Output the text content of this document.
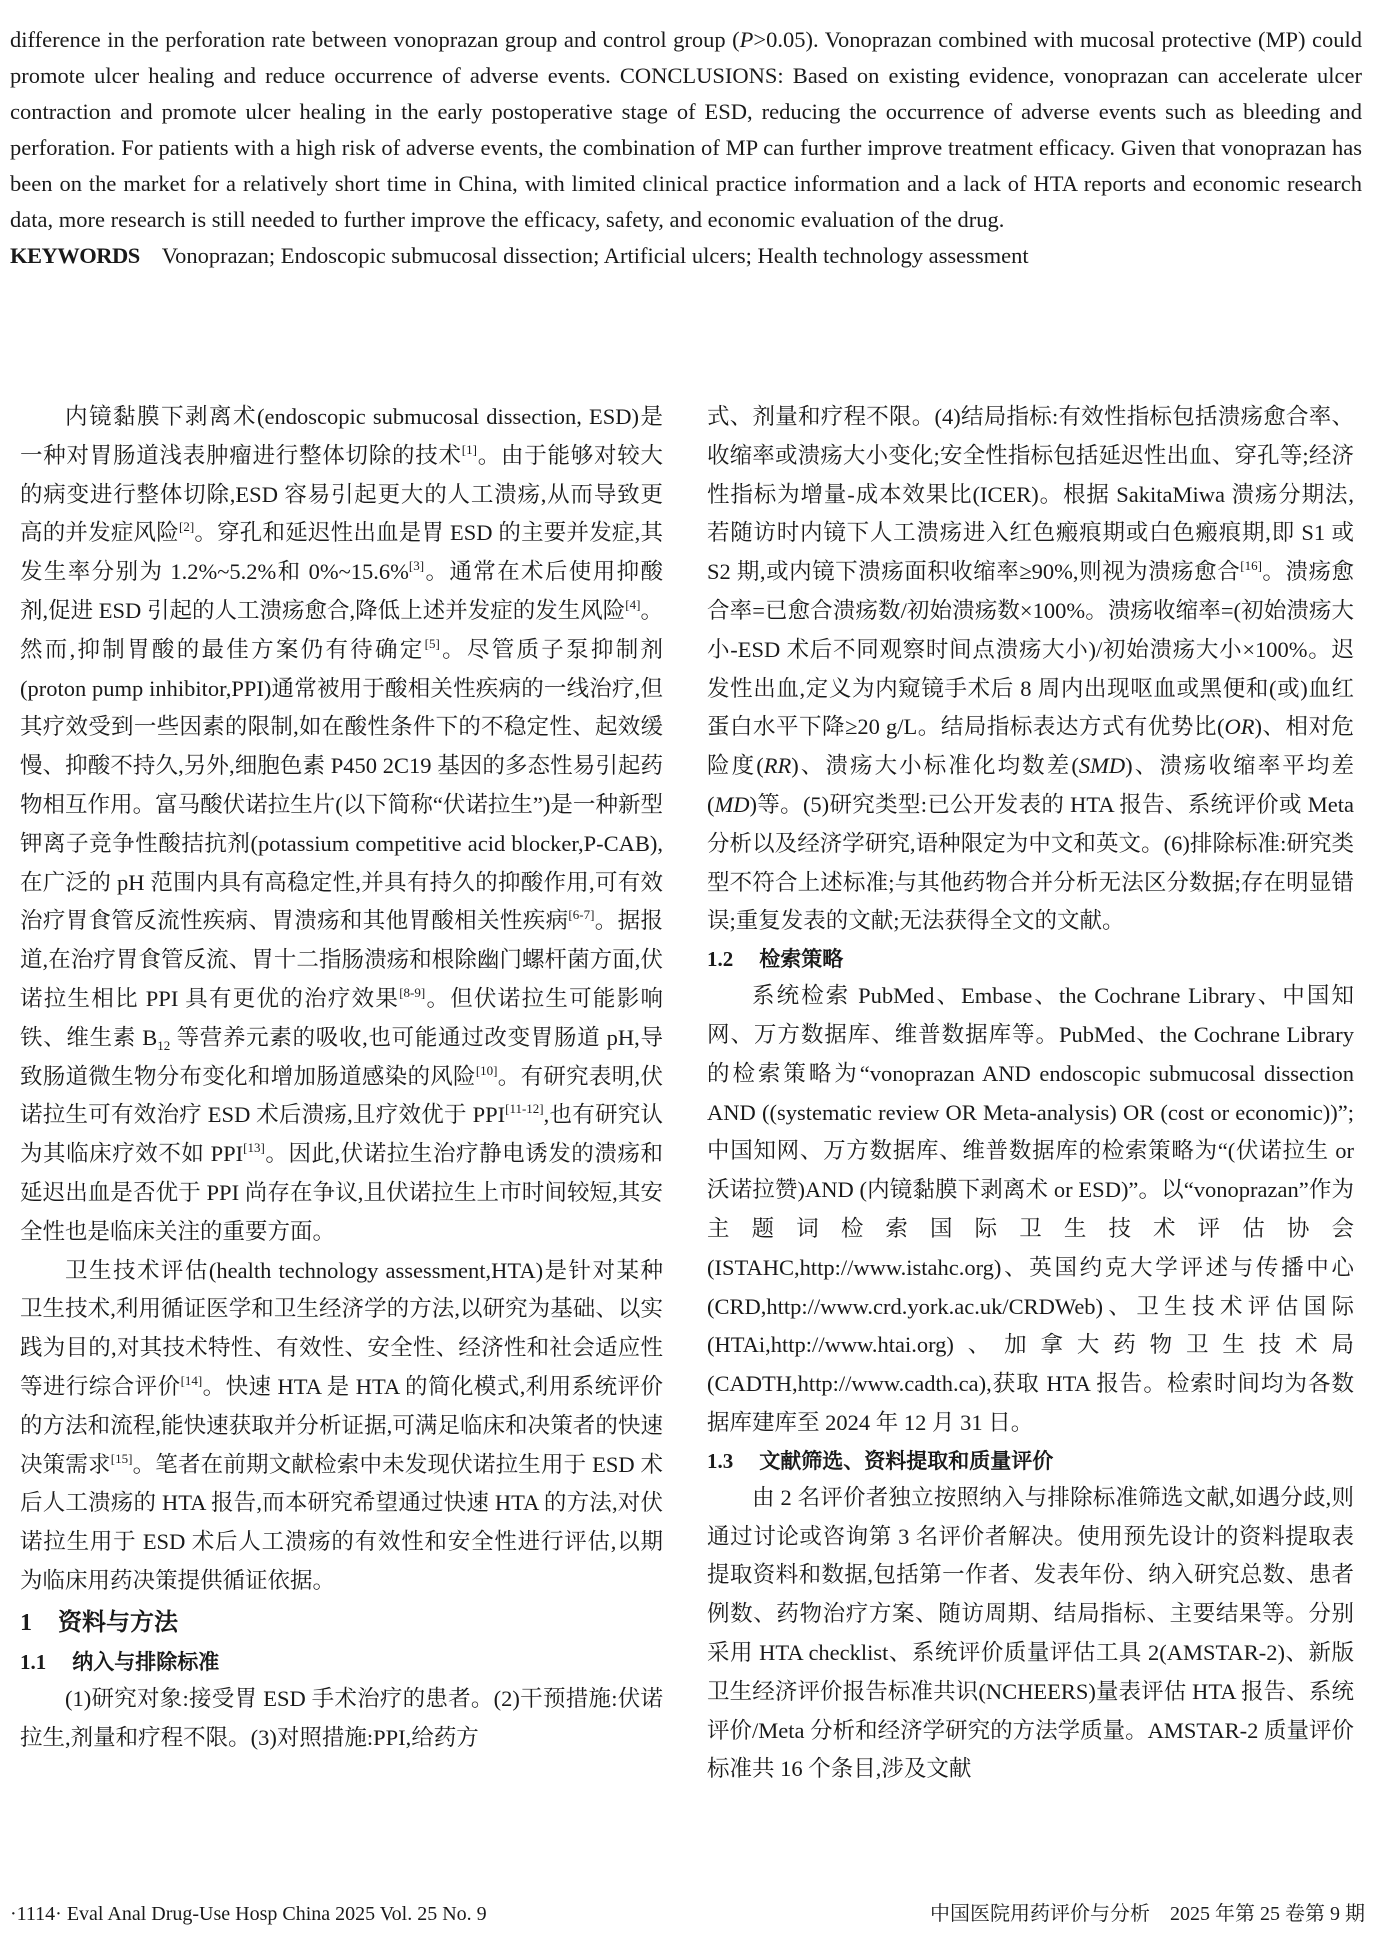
difference in the perforation rate between vonoprazan group and control group (P>0.05). Vonoprazan combined with mucosal protective (MP) could promote ulcer healing and reduce occurrence of adverse events. CONCLUSIONS: Based on existing evidence, vonoprazan can accelerate ulcer contraction and promote ulcer healing in the early postoperative stage of ESD, reducing the occurrence of adverse events such as bleeding and perforation. For patients with a high risk of adverse events, the combination of MP can further improve treatment efficacy. Given that vonoprazan has been on the market for a relatively short time in China, with limited clinical practice information and a lack of HTA reports and economic research data, more research is still needed to further improve the efficacy, safety, and economic evaluation of the drug.

KEYWORDS Vonoprazan; Endoscopic submucosal dissection; Artificial ulcers; Health technology assessment

内镜黏膜下剥离术(endoscopic submucosal dissection, ESD)是一种对胃肠道浅表肿瘤进行整体切除的技术[1]。由于能够对较大的病变进行整体切除,ESD 容易引起更大的人工溃疡,从而导致更高的并发症风险[2]。穿孔和延迟性出血是胃 ESD 的主要并发症,其发生率分别为 1.2%~5.2%和 0%~15.6%[3]。通常在术后使用抑酸剂,促进 ESD 引起的人工溃疡愈合,降低上述并发症的发生风险[4]。然而,抑制胃酸的最佳方案仍有待确定[5]。尽管质子泵抑制剂(proton pump inhibitor,PPI)通常被用于酸相关性疾病的一线治疗,但其疗效受到一些因素的限制,如在酸性条件下的不稳定性、起效缓慢、抑酸不持久,另外,细胞色素 P450 2C19 基因的多态性易引起药物相互作用。富马酸伏诺拉生片(以下简称“伏诺拉生”)是一种新型钾离子竞争性酸拮抗剂(potassium competitive acid blocker,P-CAB),在广泛的 pH 范围内具有高稳定性,并具有持久的抑酸作用,可有效治疗胃食管反流性疾病、胃溃疡和其他胃酸相关性疾病[6-7]。据报道,在治疗胃食管反流、胃十二指肠溃疡和根除幽门螺杆菌方面,伏诺拉生相比 PPI 具有更优的治疗效果[8-9]。但伏诺拉生可能影响铁、维生素 $B_{12}$ 等营养元素的吸收,也可能通过改变胃肠道 pH,导致肠道微生物分布变化和增加肠道感染的风险[10]。有研究表明,伏诺拉生可有效治疗 ESD 术后溃疡,且疗效优于 PPI[11-12],也有研究认为其临床疗效不如 PPI[13]。因此,伏诺拉生治疗静电诱发的溃疡和延迟出血是否优于 PPI 尚存在争议,且伏诺拉生上市时间较短,其安全性也是临床关注的重要方面。

卫生技术评估(health technology assessment,HTA)是针对某种卫生技术,利用循证医学和卫生经济学的方法,以研究为基础、以实践为目的,对其技术特性、有效性、安全性、经济性和社会适应性等进行综合评价[14]。快速 HTA 是 HTA 的简化模式,利用系统评价的方法和流程,能快速获取并分析证据,可满足临床和决策者的快速决策需求[15]。笔者在前期文献检索中未发现伏诺拉生用于 ESD 术后人工溃疡的 HTA 报告,而本研究希望通过快速 HTA 的方法,对伏诺拉生用于 ESD 术后人工溃疡的有效性和安全性进行评估,以期为临床用药决策提供循证依据。

1 资料与方法
1.1 纳入与排除标准

(1)研究对象:接受胃 ESD 手术治疗的患者。(2)干预措施:伏诺拉生,剂量和疗程不限。(3)对照措施:PPI,给药方

式、剂量和疗程不限。(4)结局指标:有效性指标包括溃疡愈合率、收缩率或溃疡大小变化;安全性指标包括延迟性出血、穿孔等;经济性指标为增量-成本效果比(ICER)。根据 SakitaMiwa 溃疡分期法,若随访时内镜下人工溃疡进入红色瘢痕期或白色瘢痕期,即 S1 或 S2 期,或内镜下溃疡面积收缩率≥90%,则视为溃疡愈合[16]。溃疡愈合率=已愈合溃疡数/初始溃疡数×100%。溃疡收缩率=(初始溃疡大小-ESD 术后不同观察时间点溃疡大小)/初始溃疡大小×100%。迟发性出血,定义为内窥镜手术后 8 周内出现呕血或黑便和(或)血红蛋白水平下降≥20 g/L。结局指标表达方式有优势比(OR)、相对危险度(RR)、溃疡大小标准化均数差(SMD)、溃疡收缩率平均差(MD)等。(5)研究类型:已公开发表的 HTA 报告、系统评价或 Meta 分析以及经济学研究,语种限定为中文和英文。(6)排除标准:研究类型不符合上述标准;与其他药物合并分析无法区分数据;存在明显错误;重复发表的文献;无法获得全文的文献。

1.2 检索策略

系统检索 PubMed、Embase、the Cochrane Library、中国知网、万方数据库、维普数据库等。PubMed、the Cochrane Library 的检索策略为“vonoprazan AND endoscopic submucosal dissection AND ((systematic review OR Meta-analysis) OR (cost or economic))”;中国知网、万方数据库、维普数据库的检索策略为“(伏诺拉生 or 沃诺拉赞)AND (内镜黏膜下剥离术 or ESD)”。以“vonoprazan”作为主题词检索国际卫生技术评估协会(ISTAHC,http://www.istahc.org)、英国约克大学评述与传播中心(CRD,http://www.crd.york.ac.uk/CRDWeb)、卫生技术评估国际(HTAi,http://www.htai.org)、加拿大药物卫生技术局(CADTH,http://www.cadth.ca),获取 HTA 报告。检索时间均为各数据库建库至 2024 年 12 月 31 日。

1.3 文献筛选、资料提取和质量评价

由 2 名评价者独立按照纳入与排除标准筛选文献,如遇分歧,则通过讨论或咨询第 3 名评价者解决。使用预先设计的资料提取表提取资料和数据,包括第一作者、发表年份、纳入研究总数、患者例数、药物治疗方案、随访周期、结局指标、主要结果等。分别采用 HTA checklist、系统评价质量评估工具 2(AMSTAR-2)、新版卫生经济评价报告标准共识(NCHEERS)量表评估 HTA 报告、系统评价/Meta 分析和经济学研究的方法学质量。AMSTAR-2 质量评价标准共 16 个条目,涉及文献

·1114· Eval Anal Drug-Use Hosp China 2025 Vol. 25 No. 9	中国医院用药评价与分析　2025 年第 25 卷第 9 期
